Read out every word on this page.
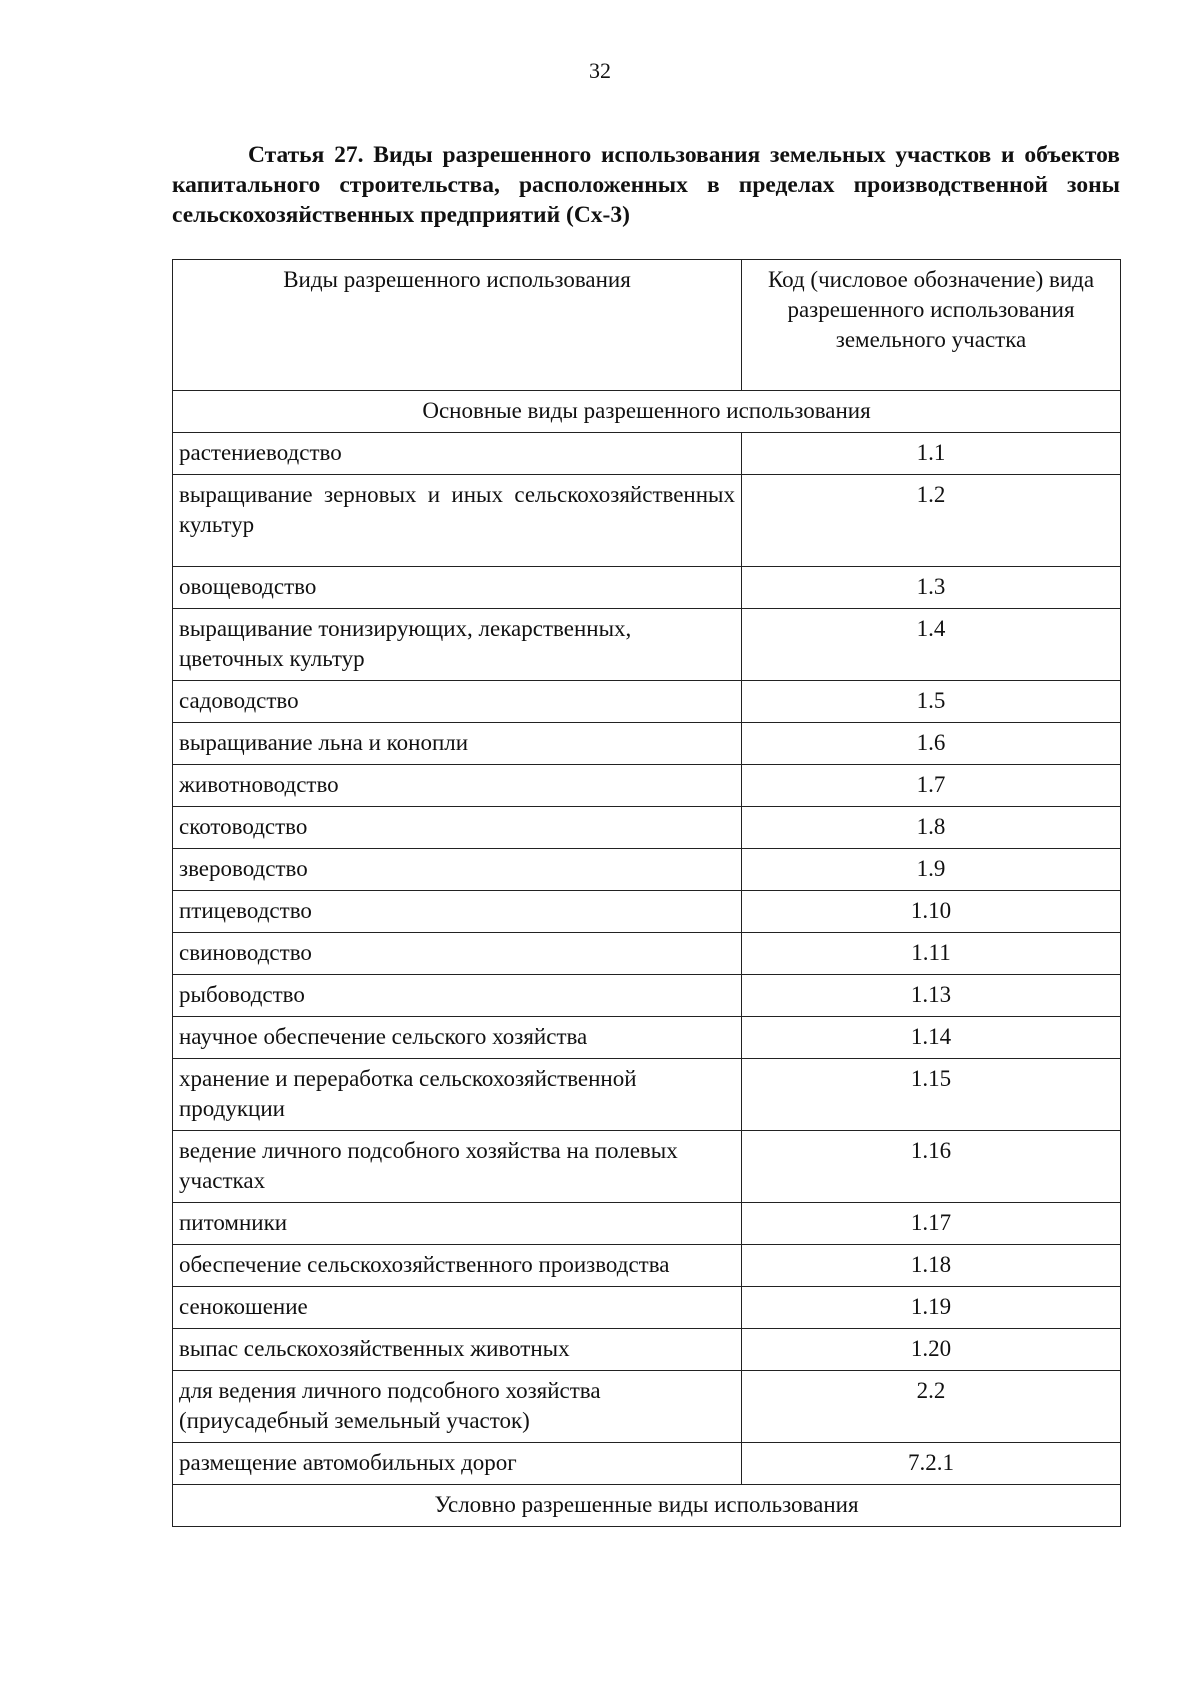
32

Статья 27. Виды разрешенного использования земельных участков и объектов капитального строительства, расположенных в пределах производственной зоны сельскохозяйственных предприятий (Сх-3)

Виды разрешенного использования	Код (числовое обозначение) вида разрешенного использования земельного участка
Основные виды разрешенного использования	
растениеводство	1.1
выращивание зерновых и иных сельскохозяйственных культур	1.2
овощеводство	1.3
выращивание тонизирующих, лекарственных, цветочных культур	1.4
садоводство	1.5
выращивание льна и конопли	1.6
животноводство	1.7
скотоводство	1.8
звероводство	1.9
птицеводство	1.10
свиноводство	1.11
рыбоводство	1.13
научное обеспечение сельского хозяйства	1.14
хранение и переработка сельскохозяйственной продукции	1.15
ведение личного подсобного хозяйства на полевых участках	1.16
питомники	1.17
обеспечение сельскохозяйственного производства	1.18
сенокошение	1.19
выпас сельскохозяйственных животных	1.20
для ведения личного подсобного хозяйства (приусадебный земельный участок)	2.2
размещение автомобильных дорог	7.2.1
Условно разрешенные виды использования	
